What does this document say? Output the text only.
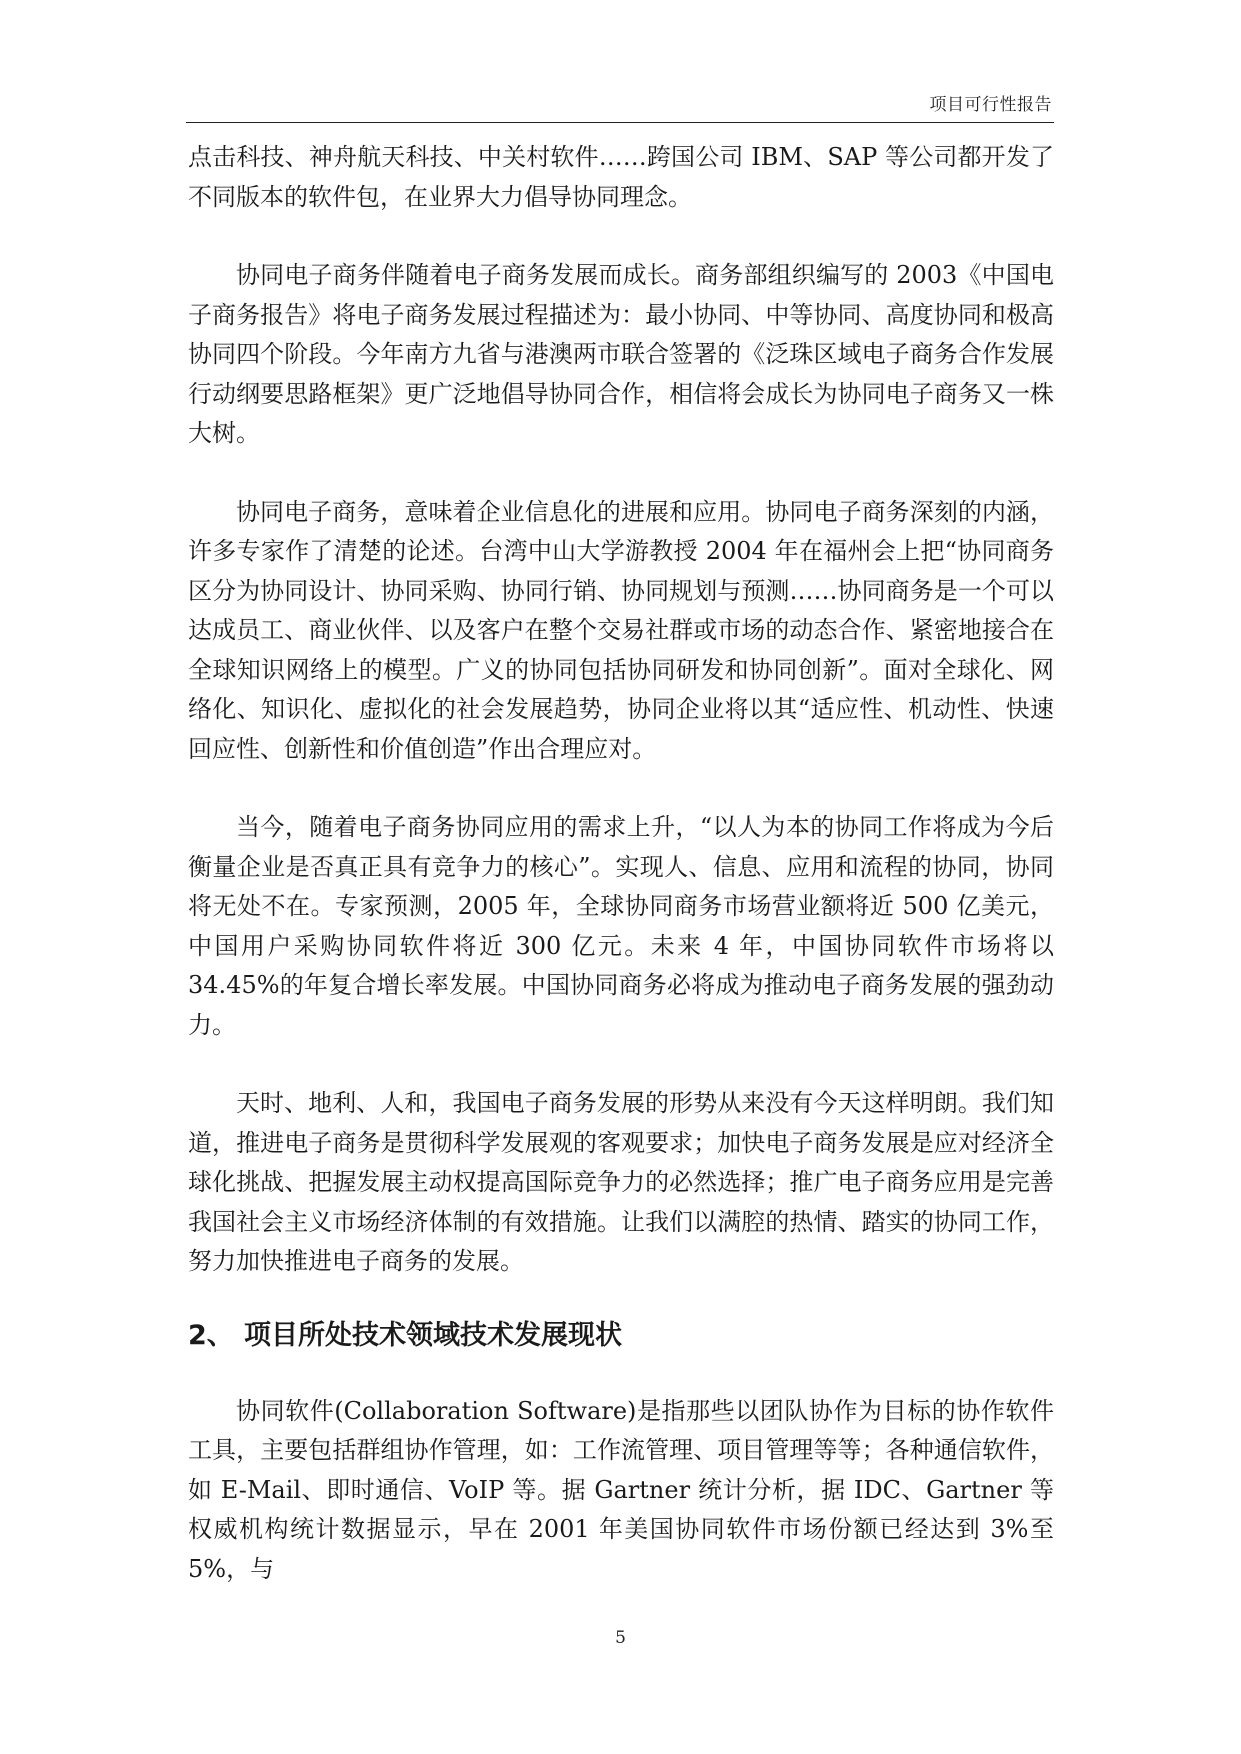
项目可行性报告

点击科技、神舟航天科技、中关村软件……跨国公司 IBM、SAP 等公司都开发了不同版本的软件包，在业界大力倡导协同理念。

协同电子商务伴随着电子商务发展而成长。商务部组织编写的 2003《中国电子商务报告》将电子商务发展过程描述为：最小协同、中等协同、高度协同和极高协同四个阶段。今年南方九省与港澳两市联合签署的《泛珠区域电子商务合作发展行动纲要思路框架》更广泛地倡导协同合作，相信将会成长为协同电子商务又一株大树。

协同电子商务，意味着企业信息化的进展和应用。协同电子商务深刻的内涵，许多专家作了清楚的论述。台湾中山大学游教授 2004 年在福州会上把“协同商务区分为协同设计、协同采购、协同行销、协同规划与预测……协同商务是一个可以达成员工、商业伙伴、以及客户在整个交易社群或市场的动态合作、紧密地接合在全球知识网络上的模型。广义的协同包括协同研发和协同创新”。面对全球化、网络化、知识化、虚拟化的社会发展趋势，协同企业将以其“适应性、机动性、快速回应性、创新性和价值创造”作出合理应对。

当今，随着电子商务协同应用的需求上升，“以人为本的协同工作将成为今后衡量企业是否真正具有竞争力的核心”。实现人、信息、应用和流程的协同，协同将无处不在。专家预测，2005 年，全球协同商务市场营业额将近 500 亿美元，中国用户采购协同软件将近 300 亿元。未来 4 年，中国协同软件市场将以 34.45%的年复合增长率发展。中国协同商务必将成为推动电子商务发展的强劲动力。

天时、地利、人和，我国电子商务发展的形势从来没有今天这样明朗。我们知道，推进电子商务是贯彻科学发展观的客观要求；加快电子商务发展是应对经济全球化挑战、把握发展主动权提高国际竞争力的必然选择；推广电子商务应用是完善我国社会主义市场经济体制的有效措施。让我们以满腔的热情、踏实的协同工作，努力加快推进电子商务的发展。

2、 项目所处技术领域技术发展现状

协同软件(Collaboration Software)是指那些以团队协作为目标的协作软件工具，主要包括群组协作管理，如：工作流管理、项目管理等等；各种通信软件，如 E-Mail、即时通信、VoIP 等。据 Gartner 统计分析，据 IDC、Gartner 等权威机构统计数据显示，早在 2001 年美国协同软件市场份额已经达到 3%至 5%，与

5
